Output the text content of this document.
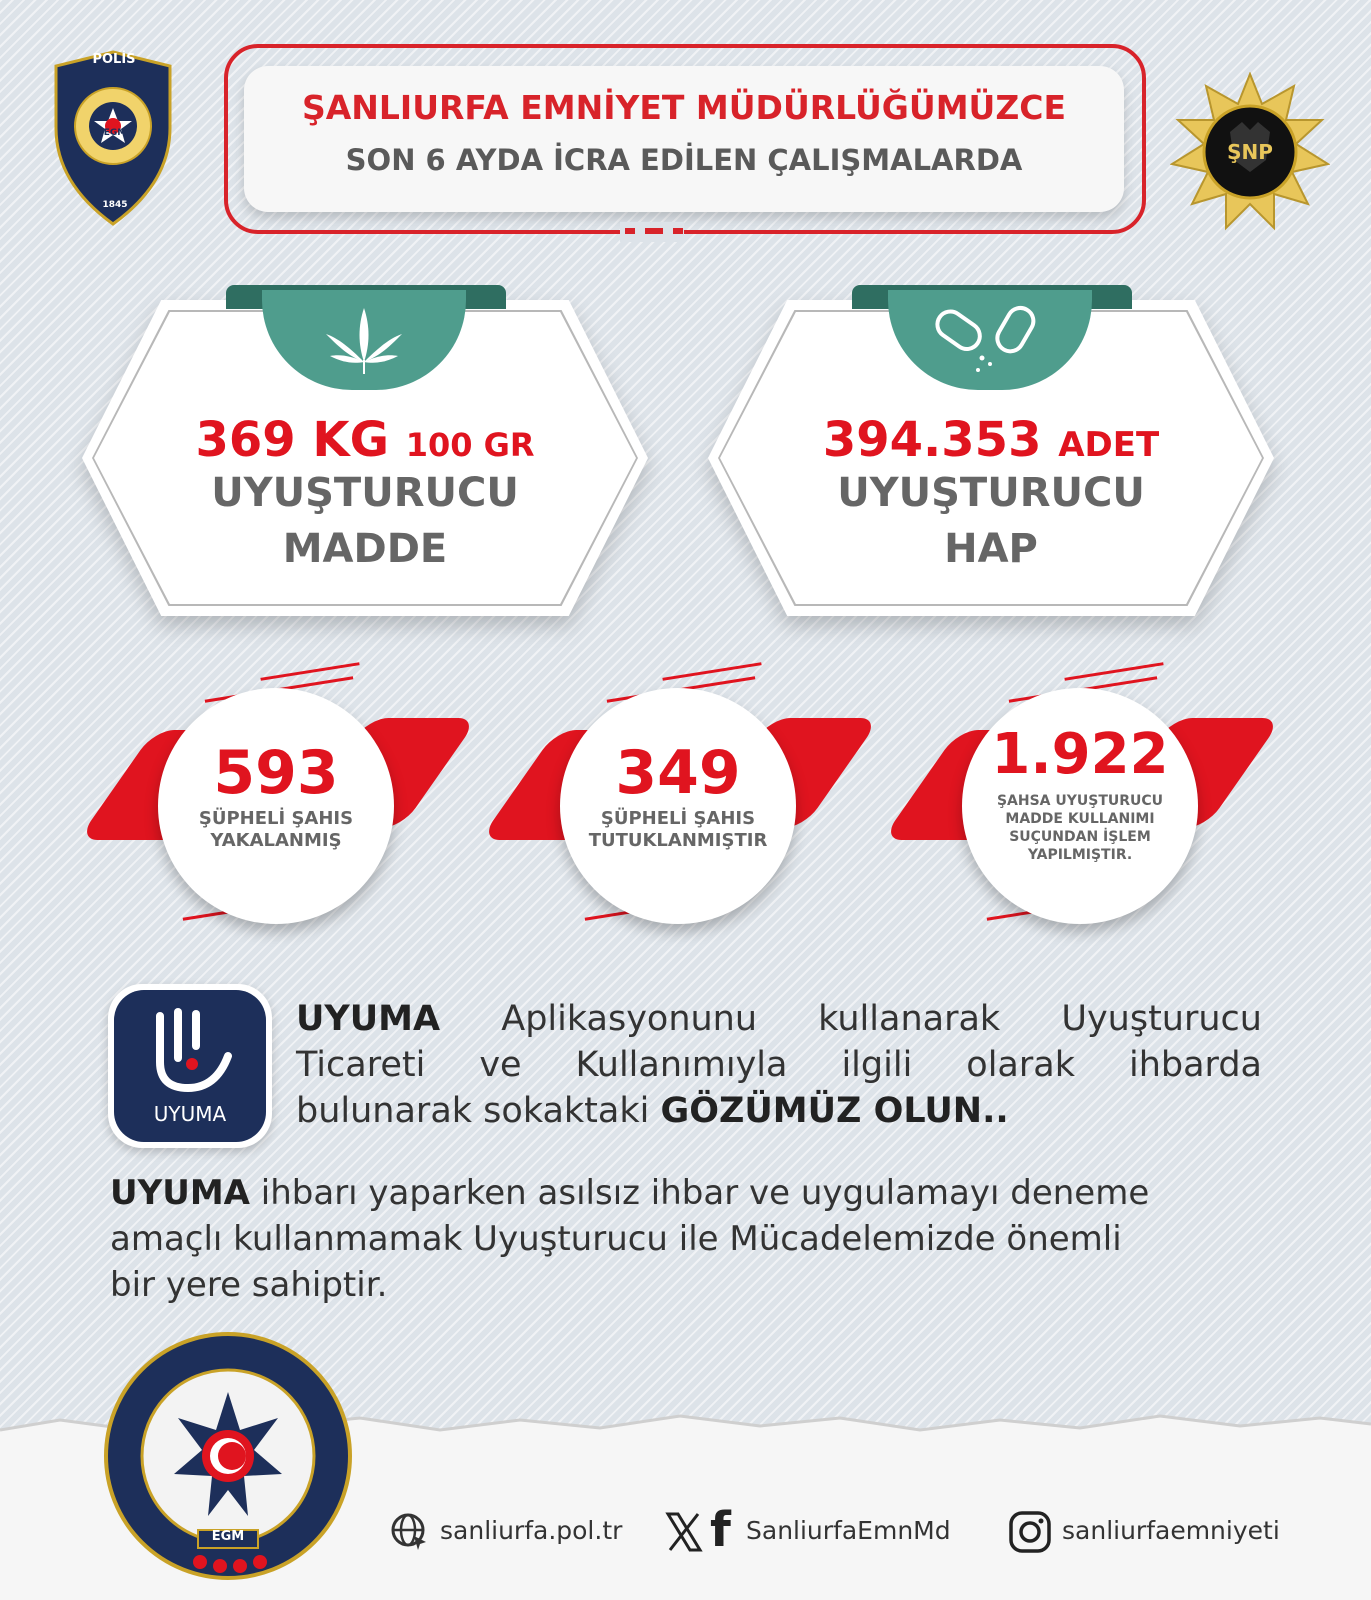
POLİS
EGM
1845
ŞNP
ŞANLIURFA EMNİYET MÜDÜRLÜĞÜMÜZCE
SON 6 AYDA İCRA EDİLEN ÇALIŞMALARDA
369 KG 100 GR
UYUŞTURUCU
MADDE
394.353 ADET
UYUŞTURUCU
HAP
593
ŞÜPHELİ ŞAHIS
YAKALANMIŞ
349
ŞÜPHELİ ŞAHIS
TUTUKLANMIŞTIR
1.922
ŞAHSA UYUŞTURUCU
MADDE KULLANIMI
SUÇUNDAN İŞLEM
YAPILMIŞTIR.
UYUMA
UYUMA Aplikasyonunu kullanarak Uyuşturucu
Ticareti ve Kullanımıyla ilgili olarak ihbarda
bulunarak sokaktaki GÖZÜMÜZ OLUN..
UYUMA ihbarı yaparken asılsız ihbar ve uygulamayı deneme
amaçlı kullanmamak Uyuşturucu ile Mücadelemizde önemli
bir yere sahiptir.
EGM	sanliurfa.pol.tr f SanliurfaEmnMd	sanliurfaemniyeti
